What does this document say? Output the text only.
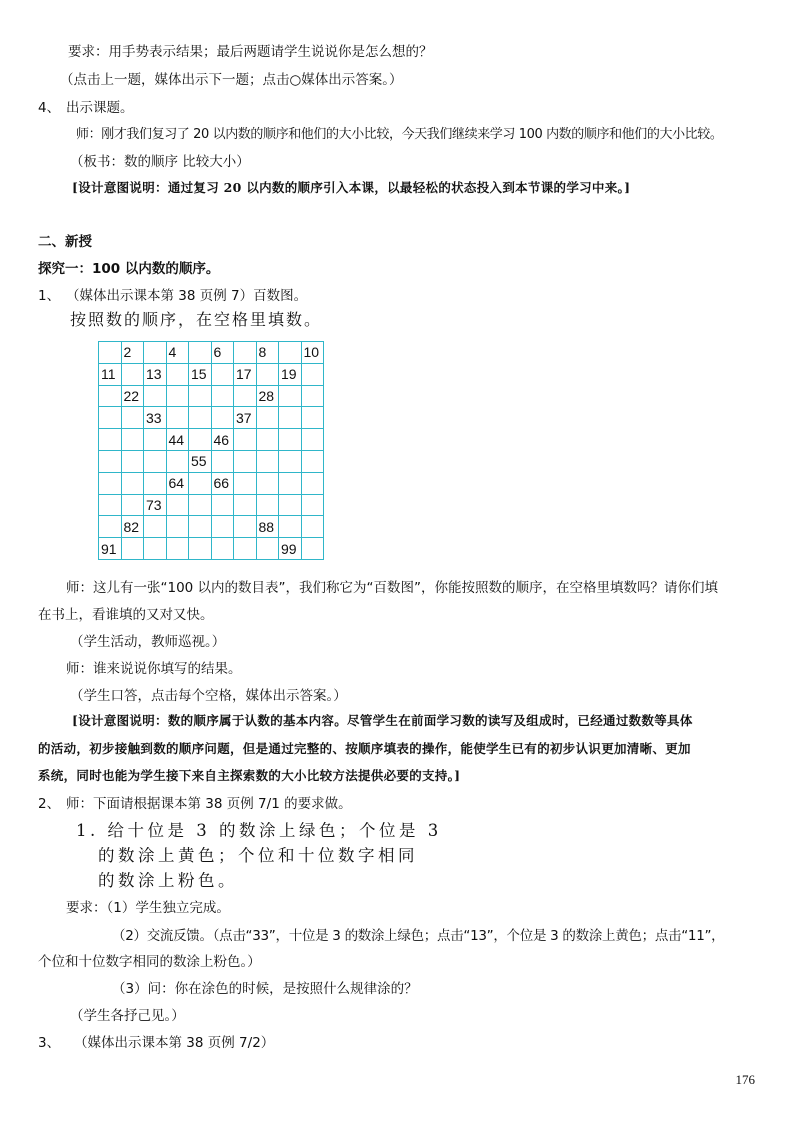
要求：用手势表示结果；最后两题请学生说说你是怎么想的？
（点击上一题，媒体出示下一题；点击○媒体出示答案。）
4、 出示课题。
师：刚才我们复习了 20 以内数的顺序和他们的大小比较，今天我们继续来学习 100 内数的顺序和他们的大小比较。
（板书：数的顺序 比较大小）
[设计意图说明：通过复习 20 以内数的顺序引入本课，以最轻松的状态投入到本节课的学习中来。]
二、新授
探究一：100 以内数的顺序。
1、 （媒体出示课本第 38 页例 7）百数图。
按照数的顺序，在空格里填数。
	2		4		6		8		10
11		13		15		17		19	
	22						28		
		33				37			
			44		46				
				55					
			64		66				
		73							
	82						88		
91								99	
师：这儿有一张“100 以内的数目表”，我们称它为“百数图”，你能按照数的顺序，在空格里填数吗？请你们填
在书上，看谁填的又对又快。
（学生活动，教师巡视。）
师：谁来说说你填写的结果。
（学生口答，点击每个空格，媒体出示答案。）
[设计意图说明：数的顺序属于认数的基本内容。尽管学生在前面学习数的读写及组成时，已经通过数数等具体
的活动，初步接触到数的顺序问题，但是通过完整的、按顺序填表的操作，能使学生已有的初步认识更加清晰、更加
系统，同时也能为学生接下来自主探索数的大小比较方法提供必要的支持。]
2、 师：下面请根据课本第 38 页例 7/1 的要求做。
1. 给十位是 3 的数涂上绿色；个位是 3
的数涂上黄色；个位和十位数字相同
的数涂上粉色。
要求：（1）学生独立完成。
（2）交流反馈。（点击“33”，十位是 3 的数涂上绿色；点击“13”，个位是 3 的数涂上黄色；点击“11”，
个位和十位数字相同的数涂上粉色。）
（3）问：你在涂色的时候，是按照什么规律涂的？
（学生各抒己见。）
3、 （媒体出示课本第 38 页例 7/2）
176
